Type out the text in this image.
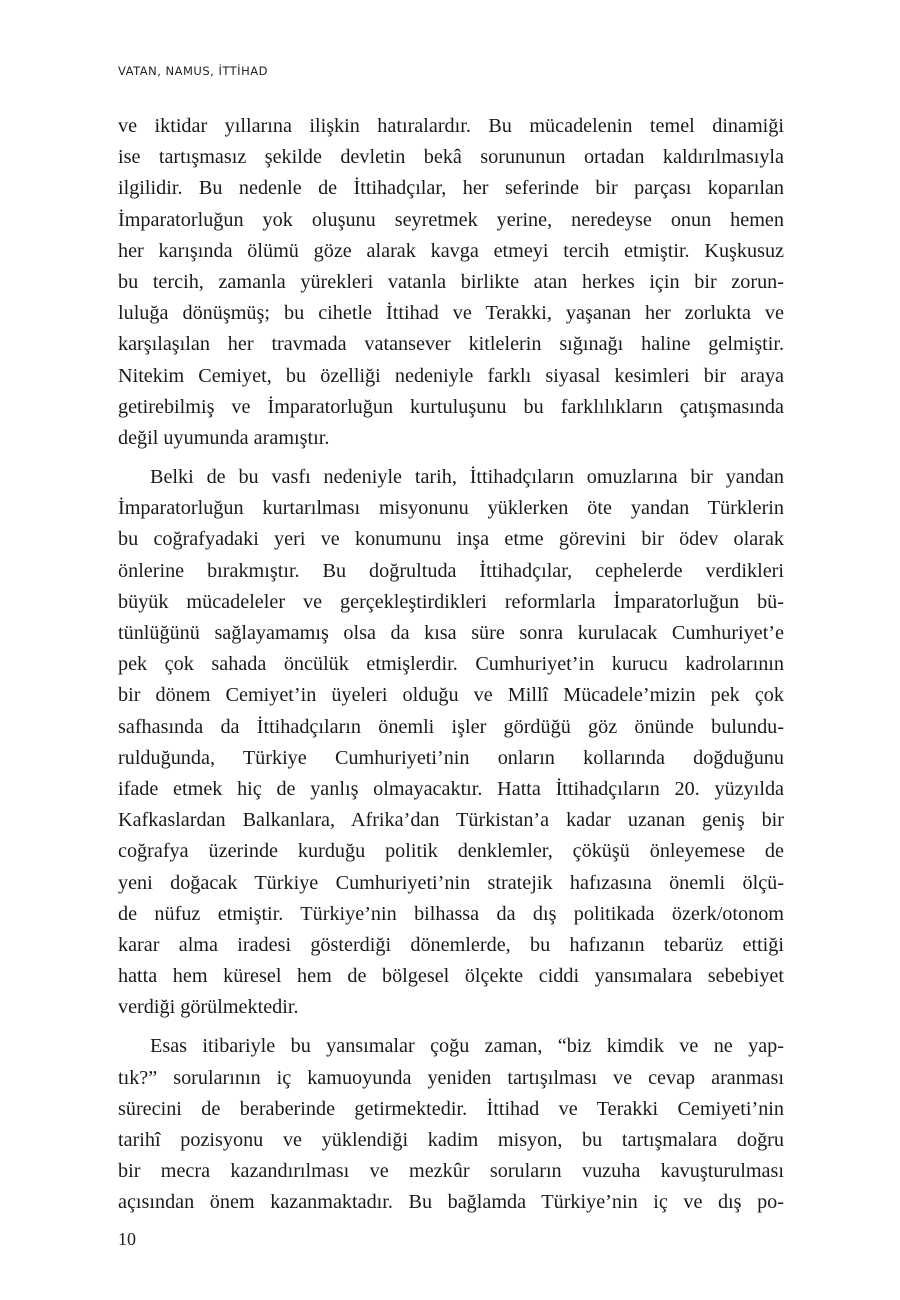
VATAN, NAMUS, İTTİHAD
ve iktidar yıllarına ilişkin hatıralardır. Bu mücadelenin temel dinamiği
ise tartışmasız şekilde devletin bekâ sorununun ortadan kaldırılmasıyla
ilgilidir. Bu nedenle de İttihadçılar, her seferinde bir parçası koparılan
İmparatorluğun yok oluşunu seyretmek yerine, neredeyse onun hemen
her karışında ölümü göze alarak kavga etmeyi tercih etmiştir. Kuşkusuz
bu tercih, zamanla yürekleri vatanla birlikte atan herkes için bir zorun-
luluğa dönüşmüş; bu cihetle İttihad ve Terakki, yaşanan her zorlukta ve
karşılaşılan her travmada vatansever kitlelerin sığınağı haline gelmiştir.
Nitekim Cemiyet, bu özelliği nedeniyle farklı siyasal kesimleri bir araya
getirebilmiş ve İmparatorluğun kurtuluşunu bu farklılıkların çatışmasında
değil uyumunda aramıştır.
Belki de bu vasfı nedeniyle tarih, İttihadçıların omuzlarına bir yandan
İmparatorluğun kurtarılması misyonunu yüklerken öte yandan Türklerin
bu coğrafyadaki yeri ve konumunu inşa etme görevini bir ödev olarak
önlerine bırakmıştır. Bu doğrultuda İttihadçılar, cephelerde verdikleri
büyük mücadeleler ve gerçekleştirdikleri reformlarla İmparatorluğun bü-
tünlüğünü sağlayamamış olsa da kısa süre sonra kurulacak Cumhuriyet’e
pek çok sahada öncülük etmişlerdir. Cumhuriyet’in kurucu kadrolarının
bir dönem Cemiyet’in üyeleri olduğu ve Millî Mücadele’mizin pek çok
safhasında da İttihadçıların önemli işler gördüğü göz önünde bulundu-
rulduğunda, Türkiye Cumhuriyeti’nin onların kollarında doğduğunu
ifade etmek hiç de yanlış olmayacaktır. Hatta İttihadçıların 20. yüzyılda
Kafkaslardan Balkanlara, Afrika’dan Türkistan’a kadar uzanan geniş bir
coğrafya üzerinde kurduğu politik denklemler, çöküşü önleyemese de
yeni doğacak Türkiye Cumhuriyeti’nin stratejik hafızasına önemli ölçü-
de nüfuz etmiştir. Türkiye’nin bilhassa da dış politikada özerk/otonom
karar alma iradesi gösterdiği dönemlerde, bu hafızanın tebarüz ettiği
hatta hem küresel hem de bölgesel ölçekte ciddi yansımalara sebebiyet
verdiği görülmektedir.
Esas itibariyle bu yansımalar çoğu zaman, “biz kimdik ve ne yap-
tık?” sorularının iç kamuoyunda yeniden tartışılması ve cevap aranması
sürecini de beraberinde getirmektedir. İttihad ve Terakki Cemiyeti’nin
tarihî pozisyonu ve yüklendiği kadim misyon, bu tartışmalara doğru
bir mecra kazandırılması ve mezkûr soruların vuzuha kavuşturulması
açısından önem kazanmaktadır. Bu bağlamda Türkiye’nin iç ve dış po-
10
